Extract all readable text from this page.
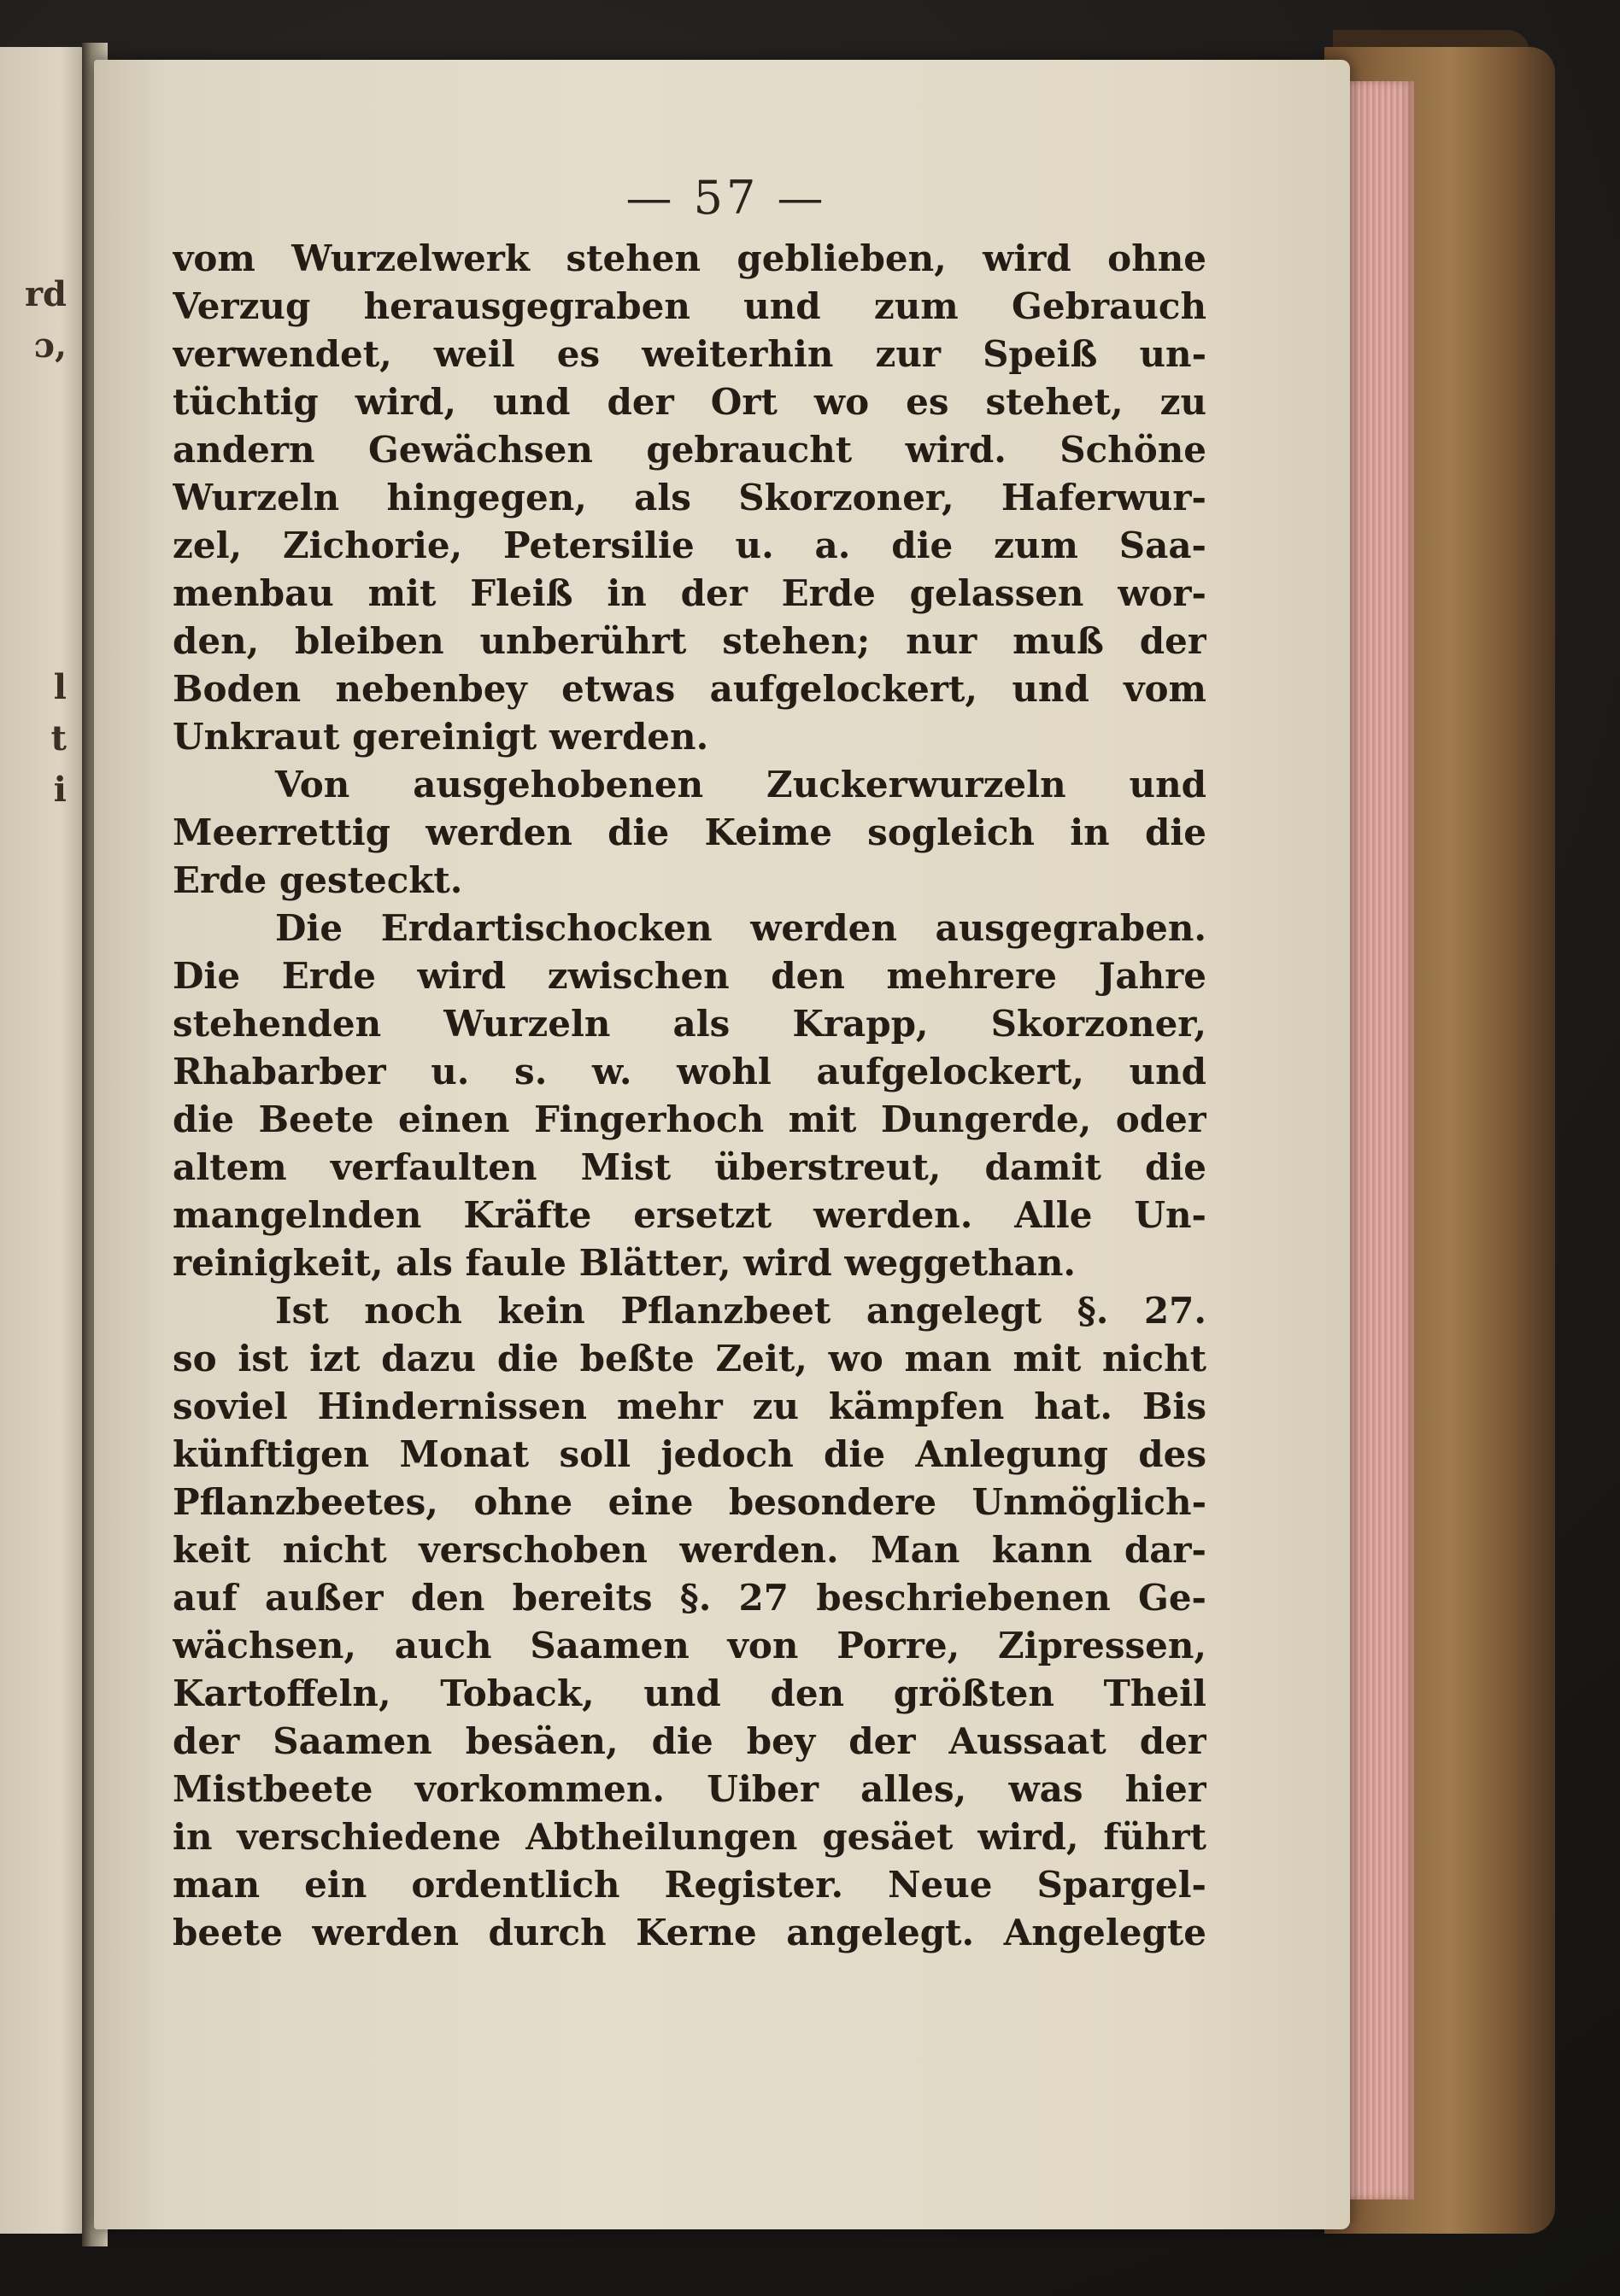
rd
ɔ,
l
t
i
— 57 —
vom Wurzelwerk stehen geblieben, wird ohne
Verzug herausgegraben und zum Gebrauch
verwendet, weil es weiterhin zur Speiß un-
tüchtig wird, und der Ort wo es stehet, zu
andern Gewächsen gebraucht wird. Schöne
Wurzeln hingegen, als Skorzoner, Haferwur-
zel, Zichorie, Petersilie u. a. die zum Saa-
menbau mit Fleiß in der Erde gelassen wor-
den, bleiben unberührt stehen; nur muß der
Boden nebenbey etwas aufgelockert, und vom
Unkraut gereinigt werden.
Von ausgehobenen Zuckerwurzeln und
Meerrettig werden die Keime sogleich in die
Erde gesteckt.
Die Erdartischocken werden ausgegraben.
Die Erde wird zwischen den mehrere Jahre
stehenden Wurzeln als Krapp, Skorzoner,
Rhabarber u. s. w. wohl aufgelockert, und
die Beete einen Fingerhoch mit Dungerde, oder
altem verfaulten Mist überstreut, damit die
mangelnden Kräfte ersetzt werden. Alle Un-
reinigkeit, als faule Blätter, wird weggethan.
Ist noch kein Pflanzbeet angelegt §. 27.
so ist izt dazu die beßte Zeit, wo man mit nicht
soviel Hindernissen mehr zu kämpfen hat. Bis
künftigen Monat soll jedoch die Anlegung des
Pflanzbeetes, ohne eine besondere Unmöglich-
keit nicht verschoben werden. Man kann dar-
auf außer den bereits §. 27 beschriebenen Ge-
wächsen, auch Saamen von Porre, Zipressen,
Kartoffeln, Toback, und den größten Theil
der Saamen besäen, die bey der Aussaat der
Mistbeete vorkommen. Uiber alles, was hier
in verschiedene Abtheilungen gesäet wird, führt
man ein ordentlich Register. Neue Spargel-
beete werden durch Kerne angelegt. Angelegte
